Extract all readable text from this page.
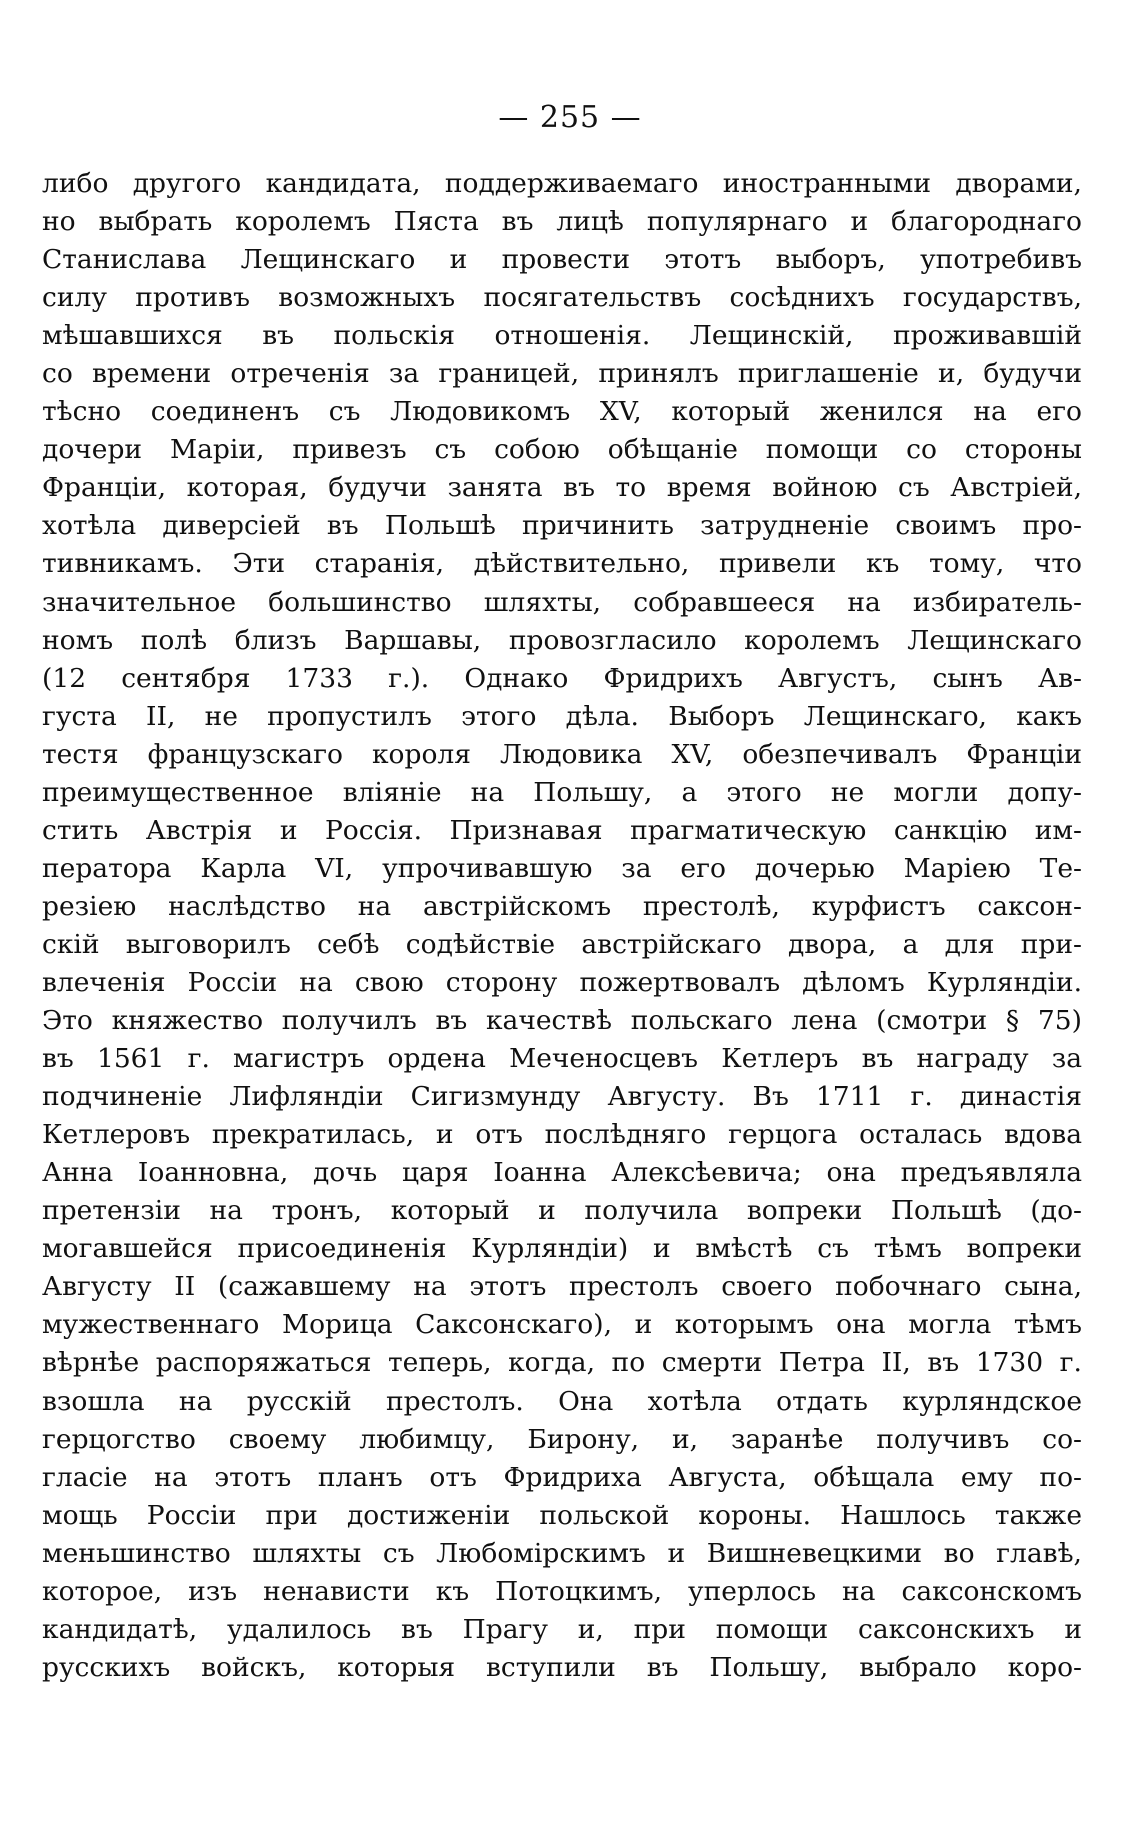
— 255 —
либо другого кандидата, поддерживаемаго иностранными дворами,
но выбрать королемъ Пяста въ лицѣ популярнаго и благороднаго
Станислава Лещинскаго и провести этотъ выборъ, употребивъ
силу противъ возможныхъ посягательствъ сосѣднихъ государствъ,
мѣшавшихся въ польскія отношенія. Лещинскій, проживавшій
со времени отреченія за границей, принялъ приглашеніе и, будучи
тѣсно соединенъ съ Людовикомъ XV, который женился на его
дочери Маріи, привезъ съ собою обѣщаніе помощи со стороны
Франціи, которая, будучи занята въ то время войною съ Австріей,
хотѣла диверсіей въ Польшѣ причинить затрудненіе своимъ про-
тивникамъ. Эти старанія, дѣйствительно, привели къ тому, что
значительное большинство шляхты, собравшееся на избиратель-
номъ полѣ близъ Варшавы, провозгласило королемъ Лещинскаго
(12 сентября 1733 г.). Однако Фридрихъ Августъ, сынъ Ав-
густа II, не пропустилъ этого дѣла. Выборъ Лещинскаго, какъ
тестя французскаго короля Людовика XV, обезпечивалъ Франціи
преимущественное вліяніе на Польшу, а этого не могли допу-
стить Австрія и Россія. Признавая прагматическую санкцію им-
ператора Карла VI, упрочивавшую за его дочерью Маріею Те-
резіею наслѣдство на австрійскомъ престолѣ, курфистъ саксон-
скій выговорилъ себѣ содѣйствіе австрійскаго двора, а для при-
влеченія Россіи на свою сторону пожертвовалъ дѣломъ Курляндіи.
Это княжество получилъ въ качествѣ польскаго лена (смотри § 75)
въ 1561 г. магистръ ордена Меченосцевъ Кетлеръ въ награду за
подчиненіе Лифляндіи Сигизмунду Августу. Въ 1711 г. династія
Кетлеровъ прекратилась, и отъ послѣдняго герцога осталась вдова
Анна Іоанновна, дочь царя Іоанна Алексѣевича; она предъявляла
претензіи на тронъ, который и получила вопреки Польшѣ (до-
могавшейся присоединенія Курляндіи) и вмѣстѣ съ тѣмъ вопреки
Августу II (сажавшему на этотъ престолъ своего побочнаго сына,
мужественнаго Морица Саксонскаго), и которымъ она могла тѣмъ
вѣрнѣе распоряжаться теперь, когда, по смерти Петра II, въ 1730 г.
взошла на русскій престолъ. Она хотѣла отдать курляндское
герцогство своему любимцу, Бирону, и, заранѣе получивъ со-
гласіе на этотъ планъ отъ Фридриха Августа, обѣщала ему по-
мощь Россіи при достиженіи польской короны. Нашлось также
меньшинство шляхты съ Любомірскимъ и Вишневецкими во главѣ,
которое, изъ ненависти къ Потоцкимъ, уперлось на саксонскомъ
кандидатѣ, удалилось въ Прагу и, при помощи саксонскихъ и
русскихъ войскъ, которыя вступили въ Польшу, выбрало коро-
